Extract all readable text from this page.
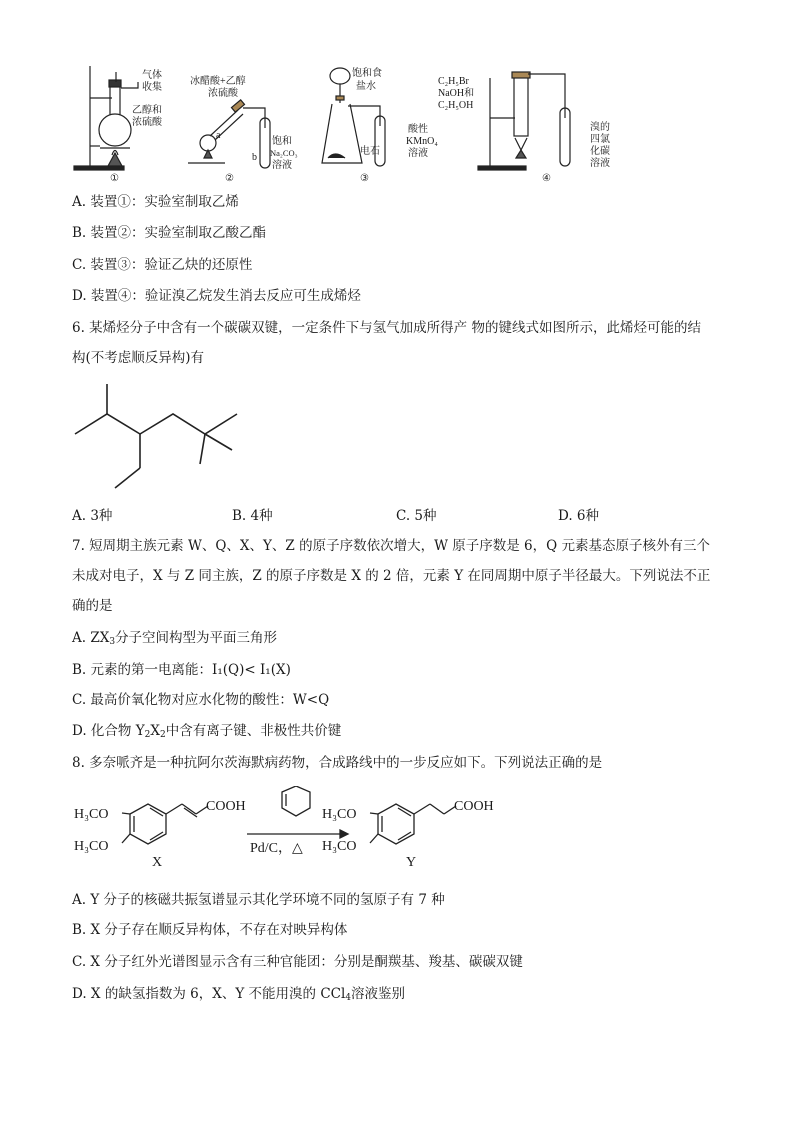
气体
收集
乙醇和
浓硫酸
①
冰醋酸+乙醇
浓硫酸
a
b
饱和
Na₂CO₃
溶液
②
饱和食
盐水
电石
酸性
KMnO₄
溶液
③
C₂H₅Br
NaOH和
C₂H₅OH
溴的
四氯
化碳
溶液
④
A. 装置①：实验室制取乙烯
B. 装置②：实验室制取乙酸乙酯
C. 装置③：验证乙炔的还原性
D. 装置④：验证溴乙烷发生消去反应可生成烯烃
6. 某烯烃分子中含有一个碳碳双键，一定条件下与氢气加成所得产 物的键线式如图所示，此烯烃可能的结
构(不考虑顺反异构)有
A. 3种	B. 4种	C. 5种	D. 6种
7. 短周期主族元素 W、Q、X、Y、Z 的原子序数依次增大，W 原子序数是 6，Q 元素基态原子核外有三个
未成对电子，X 与 Z 同主族，Z 的原子序数是 X 的 2 倍，元素 Y 在同周期中原子半径最大。下列说法不正
确的是
A. $ZX_3$分子空间构型为平面三角形
B. 元素的第一电离能：I₁(Q)< I₁(X)
C. 最高价氧化物对应水化物的酸性：W<Q
D. 化合物 $Y_2X_2$中含有离子键、非极性共价键
8. 多奈哌齐是一种抗阿尔茨海默病药物，合成路线中的一步反应如下。下列说法正确的是
H₃CO
H₃CO
COOH
X
Pd/C，△
H₃CO
H₃CO
COOH
Y
A. Y 分子的核磁共振氢谱显示其化学环境不同的氢原子有 7 种
B. X 分子存在顺反异构体，不存在对映异构体
C. X 分子红外光谱图显示含有三种官能团：分别是酮羰基、羧基、碳碳双键
D. X 的缺氢指数为 6，X、Y 不能用溴的 CCl$_4$溶液鉴别
